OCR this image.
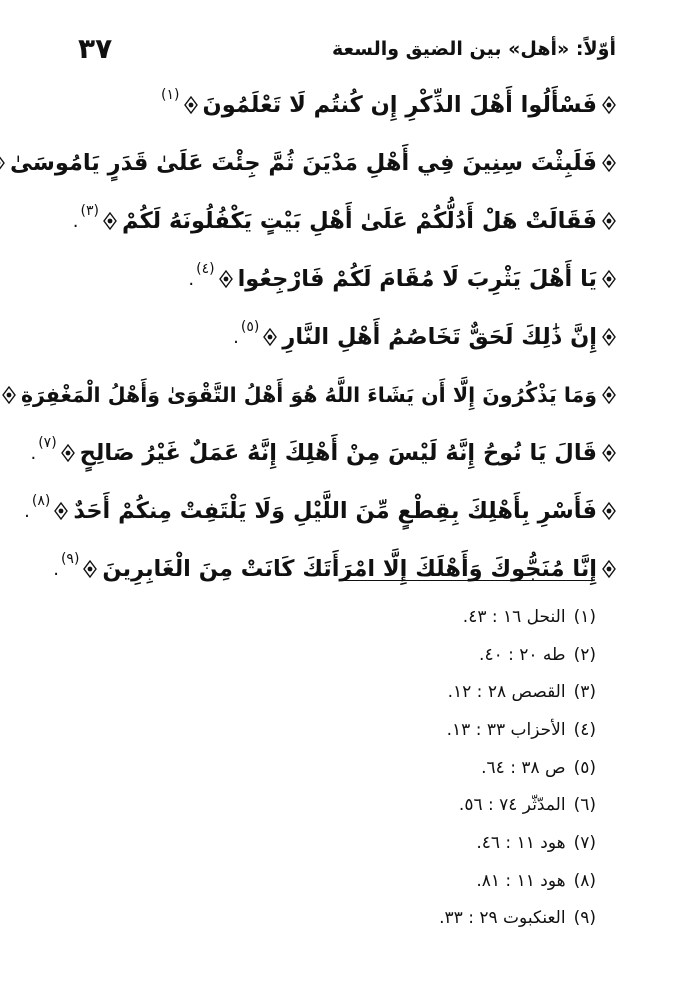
أوّلاً: «أهل» بين الضيق والسعة
٣٧
فَسْأَلُوا أَهْلَ الذِّكْرِ إِن كُنتُم لَا تَعْلَمُونَ
(١)
فَلَبِثْتَ سِنِينَ فِي أَهْلِ مَدْيَنَ ثُمَّ جِئْتَ عَلَىٰ قَدَرٍ يَامُوسَىٰ
فَقَالَتْ هَلْ أَدُلُّكُمْ عَلَىٰ أَهْلِ بَيْتٍ يَكْفُلُونَهُ لَكُمْ
(٣)
.
يَا أَهْلَ يَثْرِبَ لَا مُقَامَ لَكُمْ فَارْجِعُوا
(٤)
.
إِنَّ ذَٰلِكَ لَحَقٌّ تَخَاصُمُ أَهْلِ النَّارِ
(٥)
.
وَمَا يَذْكُرُونَ إِلَّا أَن يَشَاءَ اللَّهُ هُوَ أَهْلُ التَّقْوَىٰ وَأَهْلُ الْمَغْفِرَةِ
قَالَ يَا نُوحُ إِنَّهُ لَيْسَ مِنْ أَهْلِكَ إِنَّهُ عَمَلٌ غَيْرُ صَالِحٍ
(٧)
.
فَأَسْرِ بِأَهْلِكَ بِقِطْعٍ مِّنَ اللَّيْلِ وَلَا يَلْتَفِتْ مِنكُمْ أَحَدٌ
(٨)
.
إِنَّا مُنَجُّوكَ وَأَهْلَكَ إِلَّا امْرَأَتَكَ كَانَتْ مِنَ الْغَابِرِينَ
(٩)
.
(١)
النحل ١٦ : ٤٣.
(٢)
طه ٢٠ : ٤٠.
(٣)
القصص ٢٨ : ١٢.
(٤)
الأحزاب ٣٣ : ١٣.
(٥)
ص ٣٨ : ٦٤.
(٦)
المدّثّر ٧٤ : ٥٦.
(٧)
هود ١١ : ٤٦.
(٨)
هود ١١ : ٨١.
(٩)
العنكبوت ٢٩ : ٣٣.
